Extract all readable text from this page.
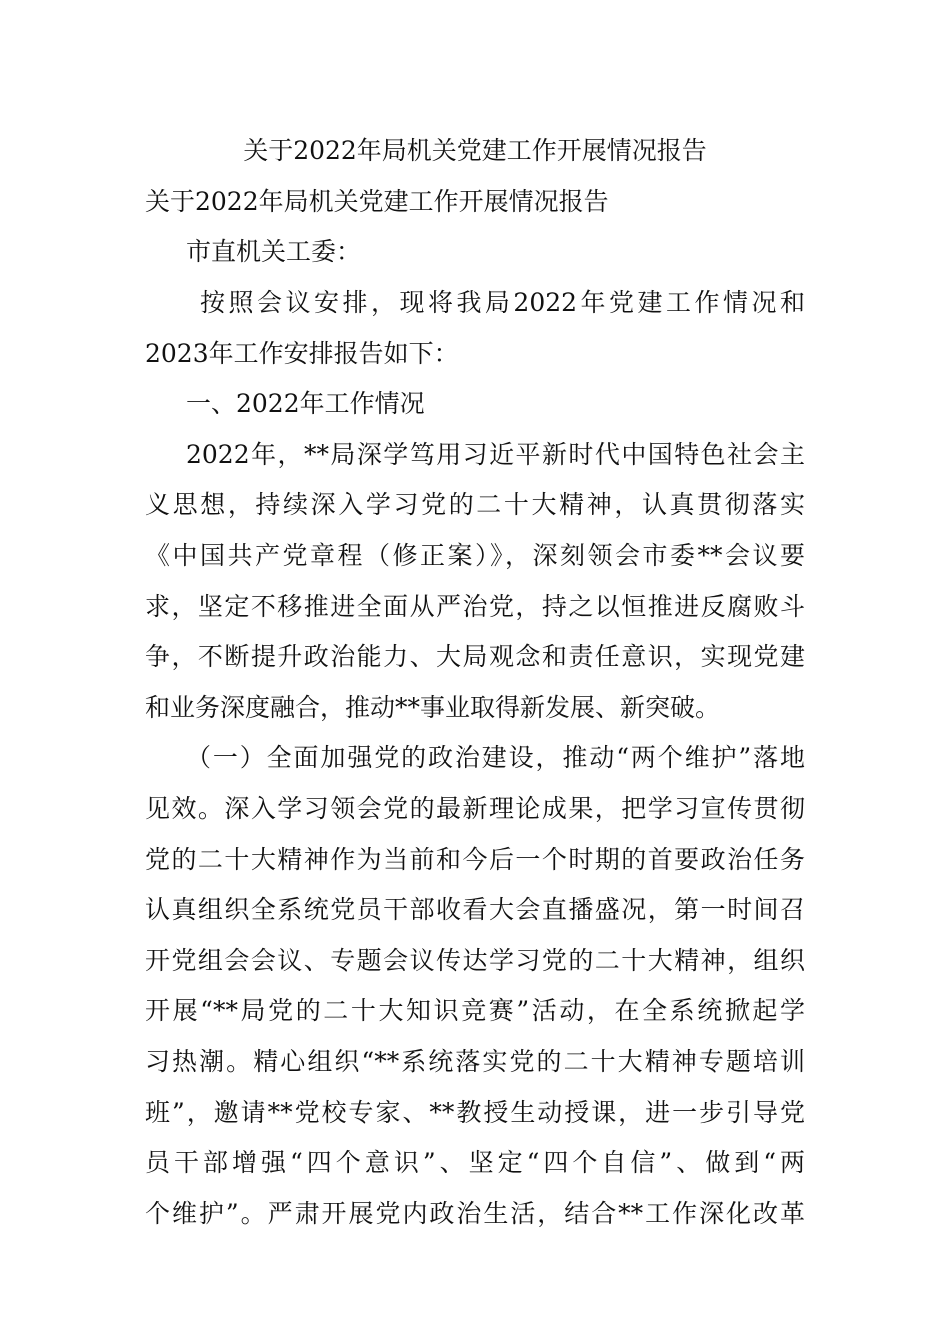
关于2022年局机关党建工作开展情况报告
关于2022年局机关党建工作开展情况报告
市直机关工委：
按照会议安排，现将我局2022年党建工作情况和
2023年工作安排报告如下：
一、2022年工作情况
2022年，**局深学笃用习近平新时代中国特色社会主
义思想，持续深入学习党的二十大精神，认真贯彻落实
《中国共产党章程（修正案）》，深刻领会市委**会议要
求，坚定不移推进全面从严治党，持之以恒推进反腐败斗
争，不断提升政治能力、大局观念和责任意识，实现党建
和业务深度融合，推动**事业取得新发展、新突破。
（一）全面加强党的政治建设，推动“两个维护”落地
见效。深入学习领会党的最新理论成果，把学习宣传贯彻
党的二十大精神作为当前和今后一个时期的首要政治任务
认真组织全系统党员干部收看大会直播盛况，第一时间召
开党组会会议、专题会议传达学习党的二十大精神，组织
开展“**局党的二十大知识竞赛”活动，在全系统掀起学
习热潮。精心组织“**系统落实党的二十大精神专题培训
班”，邀请**党校专家、**教授生动授课，进一步引导党
员干部增强“四个意识”、坚定“四个自信”、做到“两
个维护”。严肃开展党内政治生活，结合**工作深化改革
